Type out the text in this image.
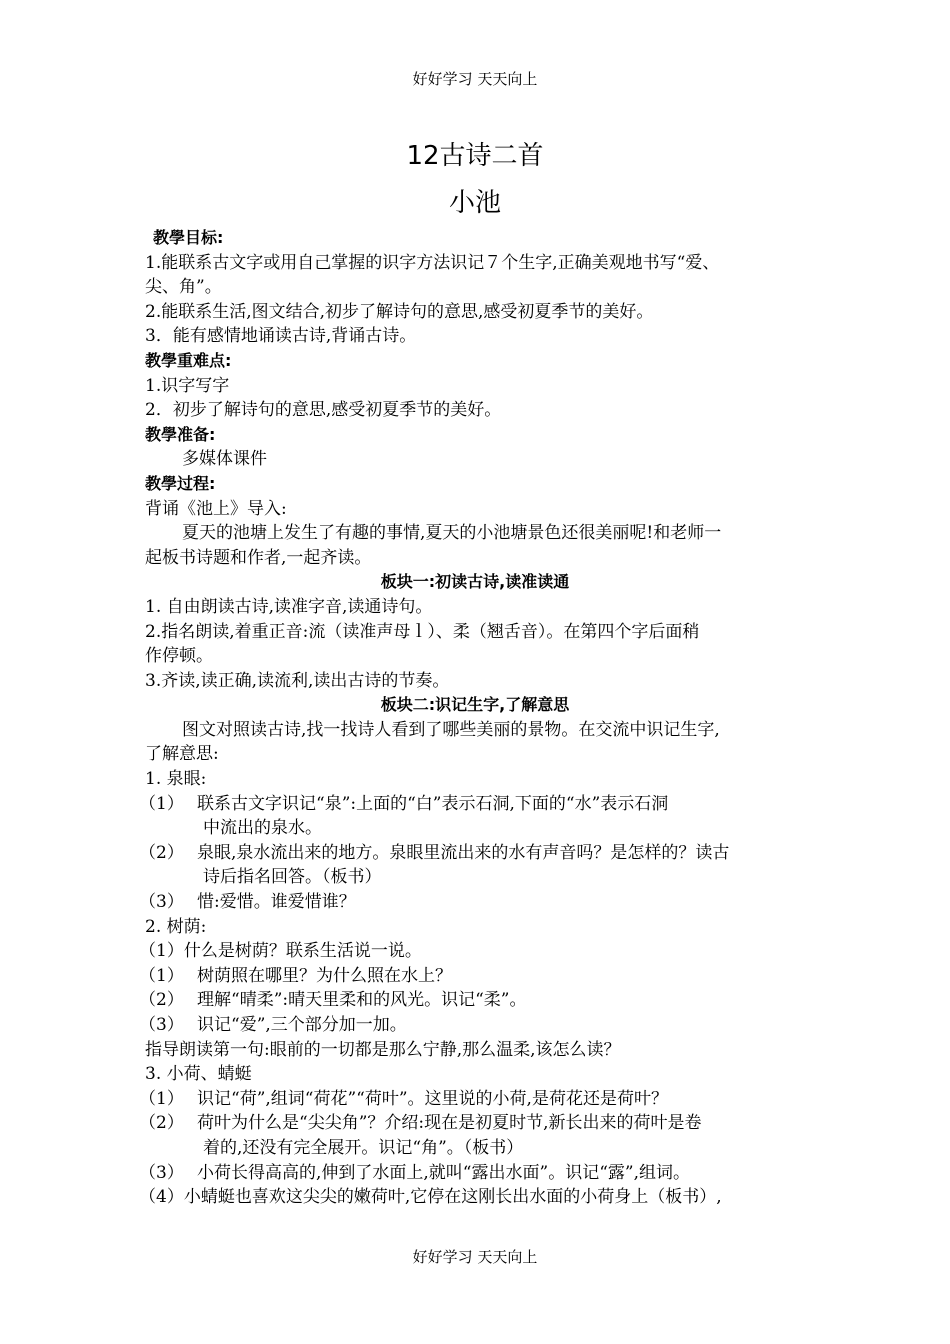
好好学习 天天向上
12古诗二首
小池
教學目标:
1.能联系古文字或用自己掌握的识字方法识记７个生字,正确美观地书写“爱、
尖、角”。
2.能联系生活,图文结合,初步了解诗句的意思,感受初夏季节的美好。
3．能有感情地诵读古诗,背诵古诗。
教學重难点:
1.识字写字
2．初步了解诗句的意思,感受初夏季节的美好。
教學准备:
多媒体课件
教學过程:
背诵《池上》导入:
夏天的池塘上发生了有趣的事情,夏天的小池塘景色还很美丽呢!和老师一
起板书诗题和作者,一起齐读。
板块一:初读古诗,读准读通
1. 自由朗读古诗,读准字音,读通诗句。
2.指名朗读,着重正音:流（读准声母ｌ）、柔（翘舌音）。在第四个字后面稍
作停顿。
3.齐读,读正确,读流利,读出古诗的节奏。
板块二:识记生字,了解意思
图文对照读古诗,找一找诗人看到了哪些美丽的景物。在交流中识记生字,
了解意思:
1. 泉眼:
（1） 联系古文字识记“泉”:上面的“白”表示石洞,下面的“水”表示石洞
中流出的泉水。
（2） 泉眼,泉水流出来的地方。泉眼里流出来的水有声音吗？是怎样的？读古
诗后指名回答。（板书）
（3） 惜:爱惜。谁爱惜谁？
2. 树荫:
（1）什么是树荫？联系生活说一说。
（1） 树荫照在哪里？为什么照在水上？
（2） 理解“晴柔”:晴天里柔和的风光。识记“柔”。
（3） 识记“爱”,三个部分加一加。
指导朗读第一句:眼前的一切都是那么宁静,那么温柔,该怎么读？
3. 小荷、蜻蜓
（1） 识记“荷”,组词“荷花”“荷叶”。这里说的小荷,是荷花还是荷叶？
（2） 荷叶为什么是“尖尖角”？介绍:现在是初夏时节,新长出来的荷叶是卷
着的,还没有完全展开。识记“角”。（板书）
（3） 小荷长得高高的,伸到了水面上,就叫“露出水面”。识记“露”,组词。
（4）小蜻蜓也喜欢这尖尖的嫩荷叶,它停在这刚长出水面的小荷身上（板书）,
好好学习 天天向上
